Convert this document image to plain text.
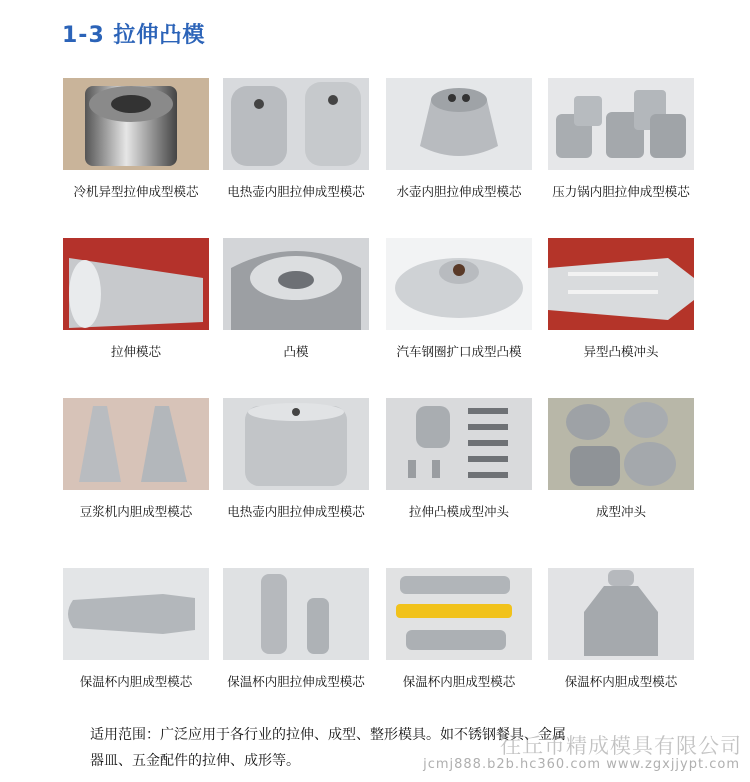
1-3 拉伸凸模
冷机异型拉伸成型模芯	电热壶内胆拉伸成型模芯	水壶内胆拉伸成型模芯	压力锅内胆拉伸成型模芯
拉伸模芯	凸模	汽车钢圈扩口成型凸模	异型凸模冲头
豆浆机内胆成型模芯	电热壶内胆拉伸成型模芯	拉伸凸模成型冲头	成型冲头
保温杯内胆成型模芯	保温杯内胆拉伸成型模芯	保温杯内胆成型模芯	保温杯内胆成型模芯
适用范围：广泛应用于各行业的拉伸、成型、整形模具。如不锈钢餐具、金属
器皿、五金配件的拉伸、成形等。
往丘市精成模具有限公司
jcmj888.b2b.hc360.com www.zgxjjypt.com
